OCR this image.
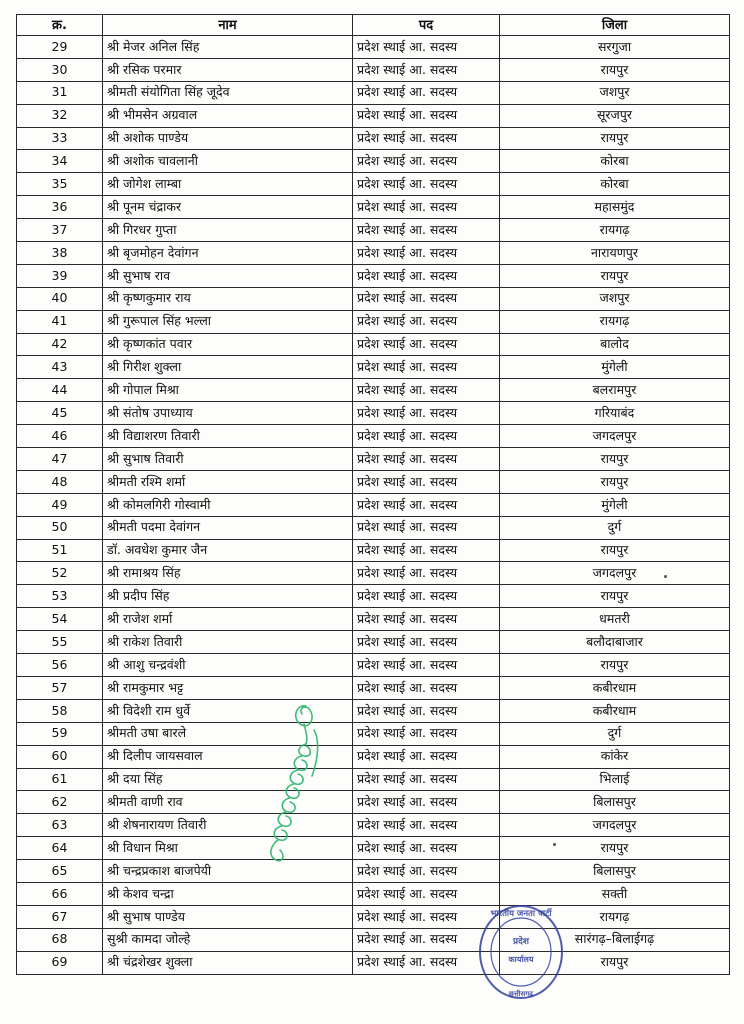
क्र.	नाम	पद	जिला
29	श्री मेजर अनिल सिंह	प्रदेश स्थाई आ. सदस्य	सरगुजा
30	श्री रसिक परमार	प्रदेश स्थाई आ. सदस्य	रायपुर
31	श्रीमती संयोगिता सिंह जूदेव	प्रदेश स्थाई आ. सदस्य	जशपुर
32	श्री भीमसेन अग्रवाल	प्रदेश स्थाई आ. सदस्य	सूरजपुर
33	श्री अशोक पाण्डेय	प्रदेश स्थाई आ. सदस्य	रायपुर
34	श्री अशोक चावलानी	प्रदेश स्थाई आ. सदस्य	कोरबा
35	श्री जोगेश लाम्बा	प्रदेश स्थाई आ. सदस्य	कोरबा
36	श्री पूनम चंद्राकर	प्रदेश स्थाई आ. सदस्य	महासमुंद
37	श्री गिरधर गुप्ता	प्रदेश स्थाई आ. सदस्य	रायगढ़
38	श्री बृजमोहन देवांगन	प्रदेश स्थाई आ. सदस्य	नारायणपुर
39	श्री सुभाष राव	प्रदेश स्थाई आ. सदस्य	रायपुर
40	श्री कृष्णकुमार राय	प्रदेश स्थाई आ. सदस्य	जशपुर
41	श्री गुरूपाल सिंह भल्ला	प्रदेश स्थाई आ. सदस्य	रायगढ़
42	श्री कृष्णकांत पवार	प्रदेश स्थाई आ. सदस्य	बालोद
43	श्री गिरीश शुक्ला	प्रदेश स्थाई आ. सदस्य	मुंगेली
44	श्री गोपाल मिश्रा	प्रदेश स्थाई आ. सदस्य	बलरामपुर
45	श्री संतोष उपाध्याय	प्रदेश स्थाई आ. सदस्य	गरियाबंद
46	श्री विद्याशरण तिवारी	प्रदेश स्थाई आ. सदस्य	जगदलपुर
47	श्री सुभाष तिवारी	प्रदेश स्थाई आ. सदस्य	रायपुर
48	श्रीमती रश्मि शर्मा	प्रदेश स्थाई आ. सदस्य	रायपुर
49	श्री कोमलगिरी गोस्वामी	प्रदेश स्थाई आ. सदस्य	मुंगेली
50	श्रीमती पदमा देवांगन	प्रदेश स्थाई आ. सदस्य	दुर्ग
51	डॉ. अवधेश कुमार जैन	प्रदेश स्थाई आ. सदस्य	रायपुर
52	श्री रामाश्रय सिंह	प्रदेश स्थाई आ. सदस्य	जगदलपुर
53	श्री प्रदीप सिंह	प्रदेश स्थाई आ. सदस्य	रायपुर
54	श्री राजेश शर्मा	प्रदेश स्थाई आ. सदस्य	धमतरी
55	श्री राकेश तिवारी	प्रदेश स्थाई आ. सदस्य	बलौदाबाजार
56	श्री आशु चन्द्रवंशी	प्रदेश स्थाई आ. सदस्य	रायपुर
57	श्री रामकुमार भट्ट	प्रदेश स्थाई आ. सदस्य	कबीरधाम
58	श्री विदेशी राम धुर्वे	प्रदेश स्थाई आ. सदस्य	कबीरधाम
59	श्रीमती उषा बारले	प्रदेश स्थाई आ. सदस्य	दुर्ग
60	श्री दिलीप जायसवाल	प्रदेश स्थाई आ. सदस्य	कांकेर
61	श्री दया सिंह	प्रदेश स्थाई आ. सदस्य	भिलाई
62	श्रीमती वाणी राव	प्रदेश स्थाई आ. सदस्य	बिलासपुर
63	श्री शेषनारायण तिवारी	प्रदेश स्थाई आ. सदस्य	जगदलपुर
64	श्री विधान मिश्रा	प्रदेश स्थाई आ. सदस्य	रायपुर
65	श्री चन्द्रप्रकाश बाजपेयी	प्रदेश स्थाई आ. सदस्य	बिलासपुर
66	श्री केशव चन्द्रा	प्रदेश स्थाई आ. सदस्य	सक्ती
67	श्री सुभाष पाण्डेय	प्रदेश स्थाई आ. सदस्य	रायगढ़
68	सुश्री कामदा जोल्हे	प्रदेश स्थाई आ. सदस्य	सारंगढ़–बिलाईगढ़
69	श्री चंद्रशेखर शुक्ला	प्रदेश स्थाई आ. सदस्य	रायपुर
भारतीय जनता पार्टी
प्रदेश
कार्यालय
छत्तीसगढ़
